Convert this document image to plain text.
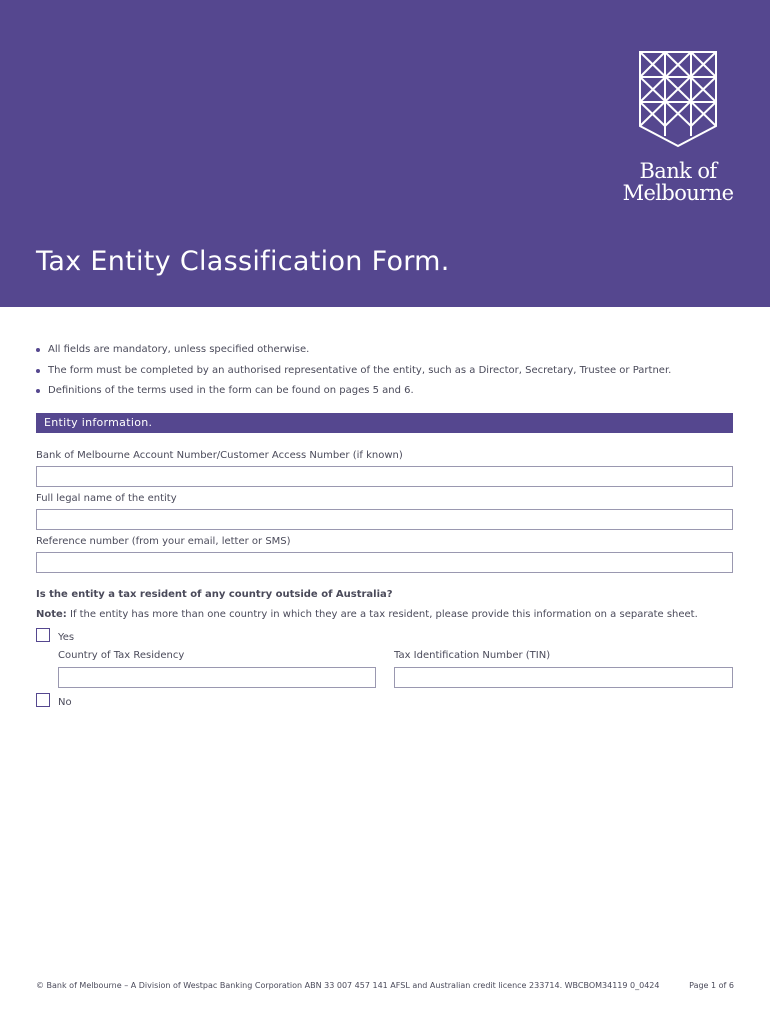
Bank of
Melbourne
Tax Entity Classification Form.
All fields are mandatory, unless specified otherwise.
The form must be completed by an authorised representative of the entity, such as a Director, Secretary, Trustee or Partner.
Definitions of the terms used in the form can be found on pages 5 and 6.
Entity information.
Bank of Melbourne Account Number/Customer Access Number (if known)
Full legal name of the entity
Reference number (from your email, letter or SMS)
Is the entity a tax resident of any country outside of Australia?
Note: If the entity has more than one country in which they are a tax resident, please provide this information on a separate sheet.
Yes
Country of Tax Residency	Tax Identification Number (TIN)
No
© Bank of Melbourne – A Division of Westpac Banking Corporation ABN 33 007 457 141 AFSL and Australian credit licence 233714. WBCBOM34119 0_0424	Page 1 of 6
